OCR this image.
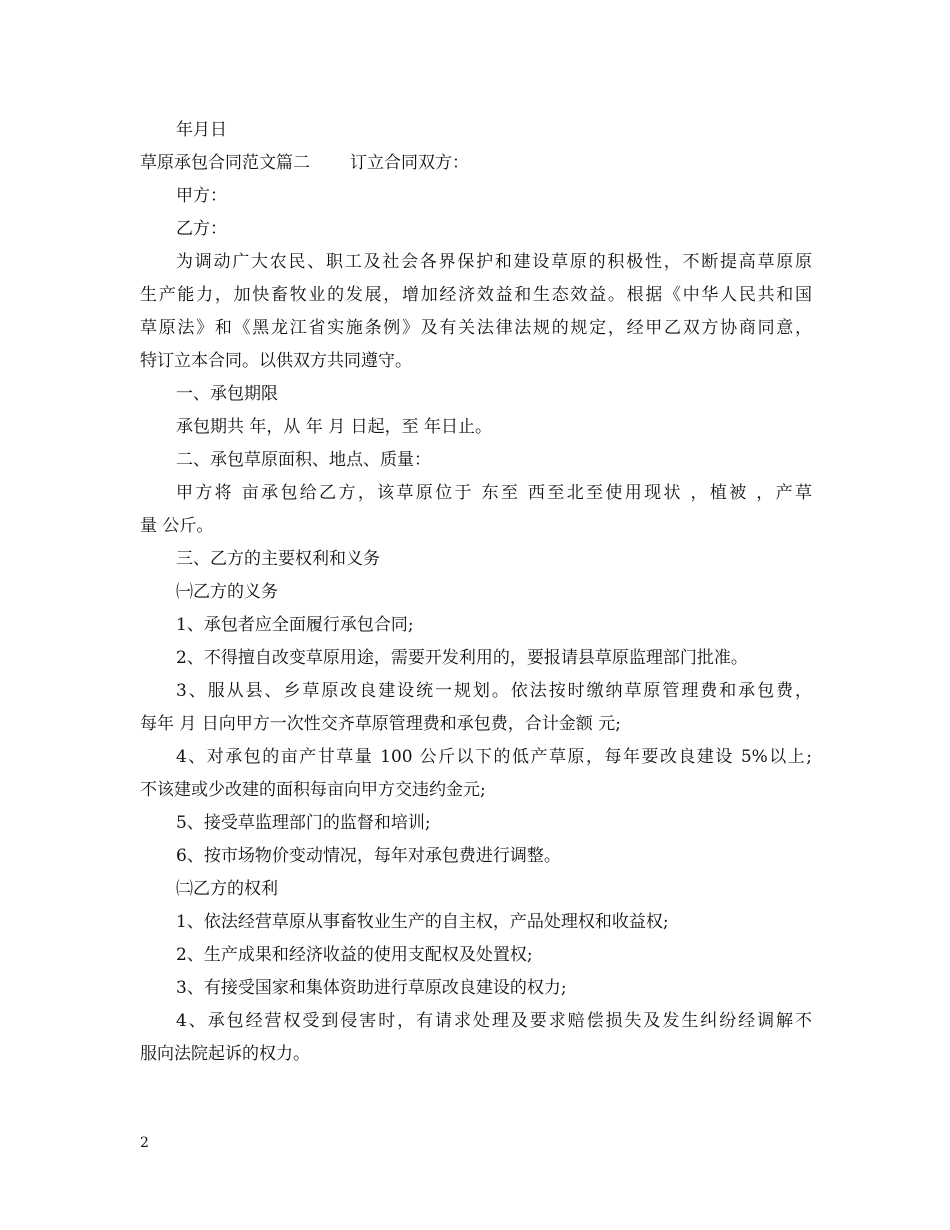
年月日
草原承包合同范文篇二 订立合同双方：
甲方：
乙方：
为调动广大农民、职工及社会各界保护和建设草原的积极性，不断提高草原原
生产能力，加快畜牧业的发展，增加经济效益和生态效益。根据《中华人民共和国
草原法》和《黑龙江省实施条例》及有关法律法规的规定，经甲乙双方协商同意，
特订立本合同。以供双方共同遵守。
一、承包期限
承包期共 年，从 年 月 日起，至 年日止。
二、承包草原面积、地点、质量：
甲方将 亩承包给乙方，该草原位于 东至 西至北至使用现状 ，植被 ，产草
量 公斤。
三、乙方的主要权利和义务
㈠乙方的义务
1、承包者应全面履行承包合同;
2、不得擅自改变草原用途，需要开发利用的，要报请县草原监理部门批准。
3、服从县、乡草原改良建设统一规划。依法按时缴纳草原管理费和承包费，
每年 月 日向甲方一次性交齐草原管理费和承包费，合计金额 元;
4、对承包的亩产甘草量 100 公斤以下的低产草原，每年要改良建设 5%以上;
不该建或少改建的面积每亩向甲方交违约金元;
5、接受草监理部门的监督和培训;
6、按市场物价变动情况，每年对承包费进行调整。
㈡乙方的权利
1、依法经营草原从事畜牧业生产的自主权，产品处理权和收益权;
2、生产成果和经济收益的使用支配权及处置权;
3、有接受国家和集体资助进行草原改良建设的权力;
4、承包经营权受到侵害时，有请求处理及要求赔偿损失及发生纠纷经调解不
服向法院起诉的权力。
2
